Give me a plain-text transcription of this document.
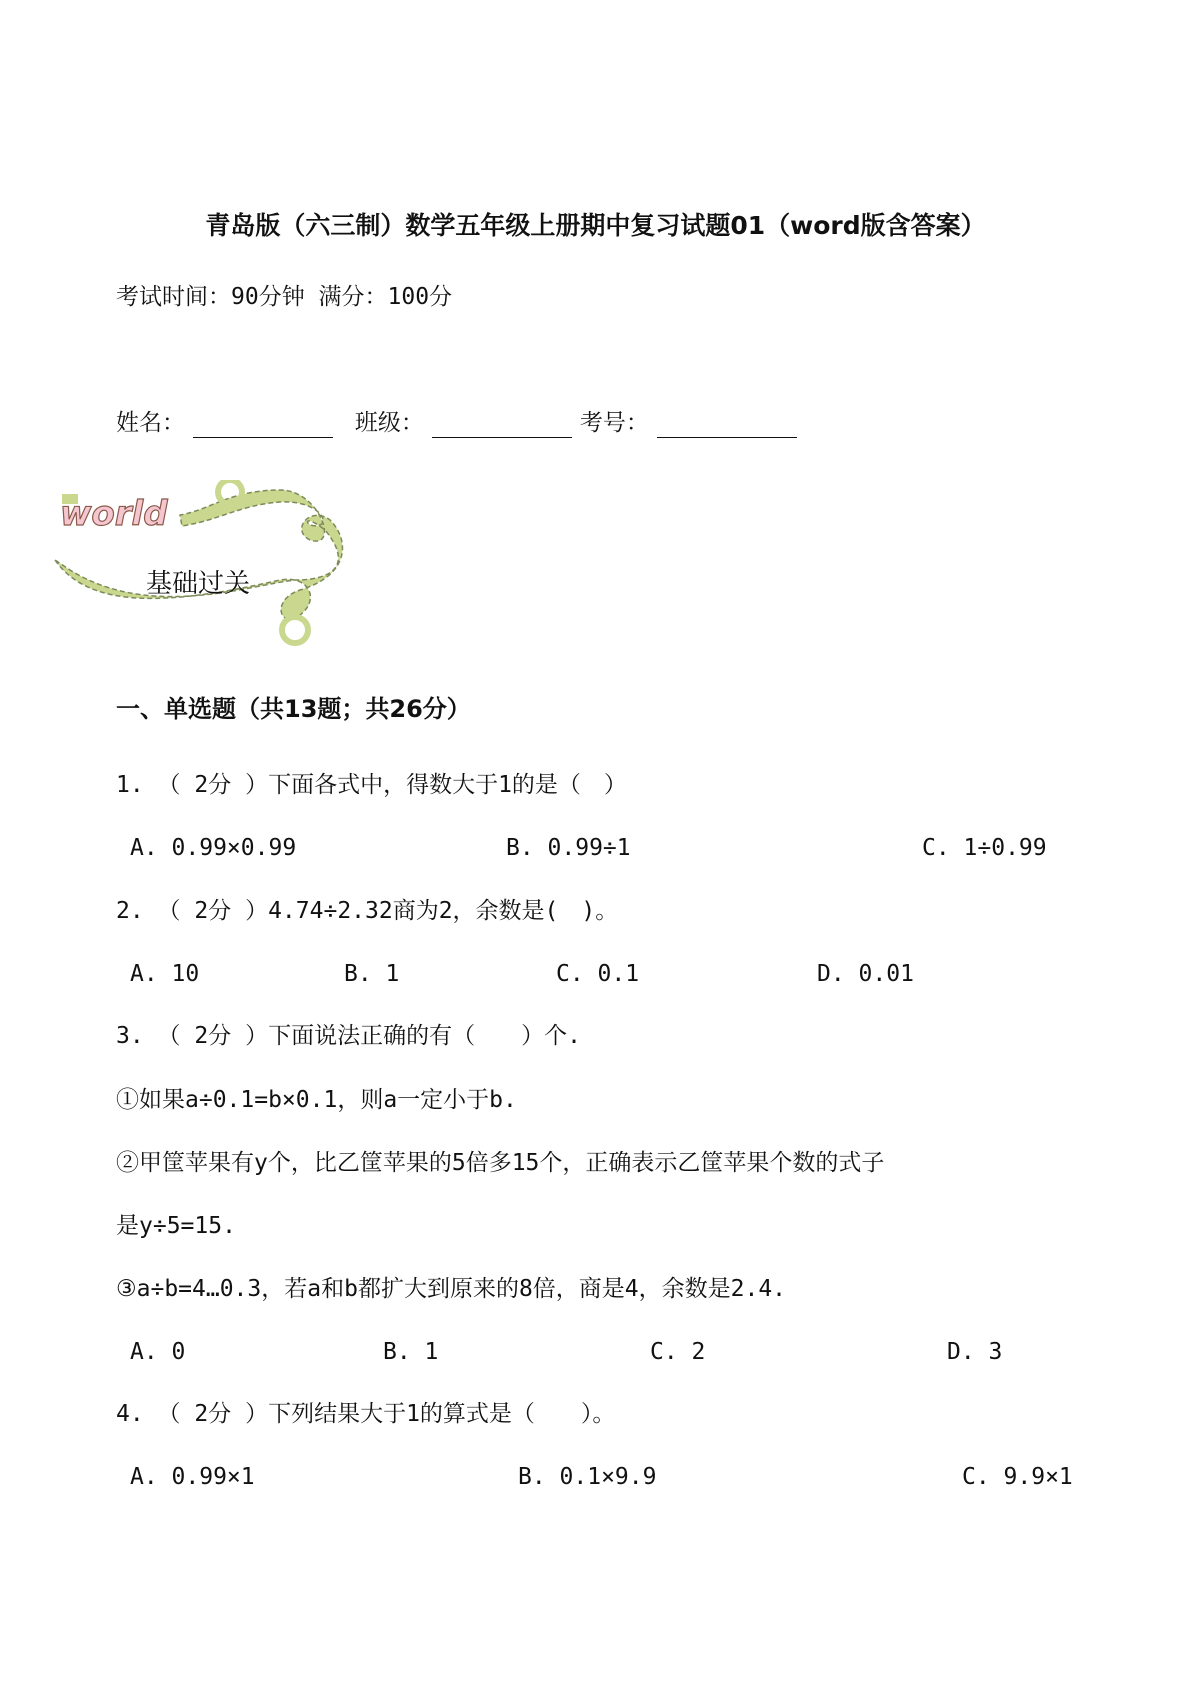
青岛版（六三制）数学五年级上册期中复习试题01（word版含答案）
考试时间：90分钟 满分：100分
姓名：	班级：	考号：
world
基础过关
一、单选题（共13题；共26分）
1. （ 2分 ）下面各式中，得数大于1的是（　）
A. 0.99×0.99	B. 0.99÷1	C. 1÷0.99
2. （ 2分 ）4.74÷2.32商为2，余数是(　)。
A. 10	B. 1	C. 0.1	D. 0.01
3. （ 2分 ）下面说法正确的有（　　）个.
①如果a÷0.1=b×0.1，则a一定小于b.
②甲筐苹果有y个，比乙筐苹果的5倍多15个，正确表示乙筐苹果个数的式子
是y÷5=15.
③a÷b=4…0.3，若a和b都扩大到原来的8倍，商是4，余数是2.4.
A. 0	B. 1	C. 2	D. 3
4. （ 2分 ）下列结果大于1的算式是（　　）。
A. 0.99×1	B. 0.1×9.9	C. 9.9×1
